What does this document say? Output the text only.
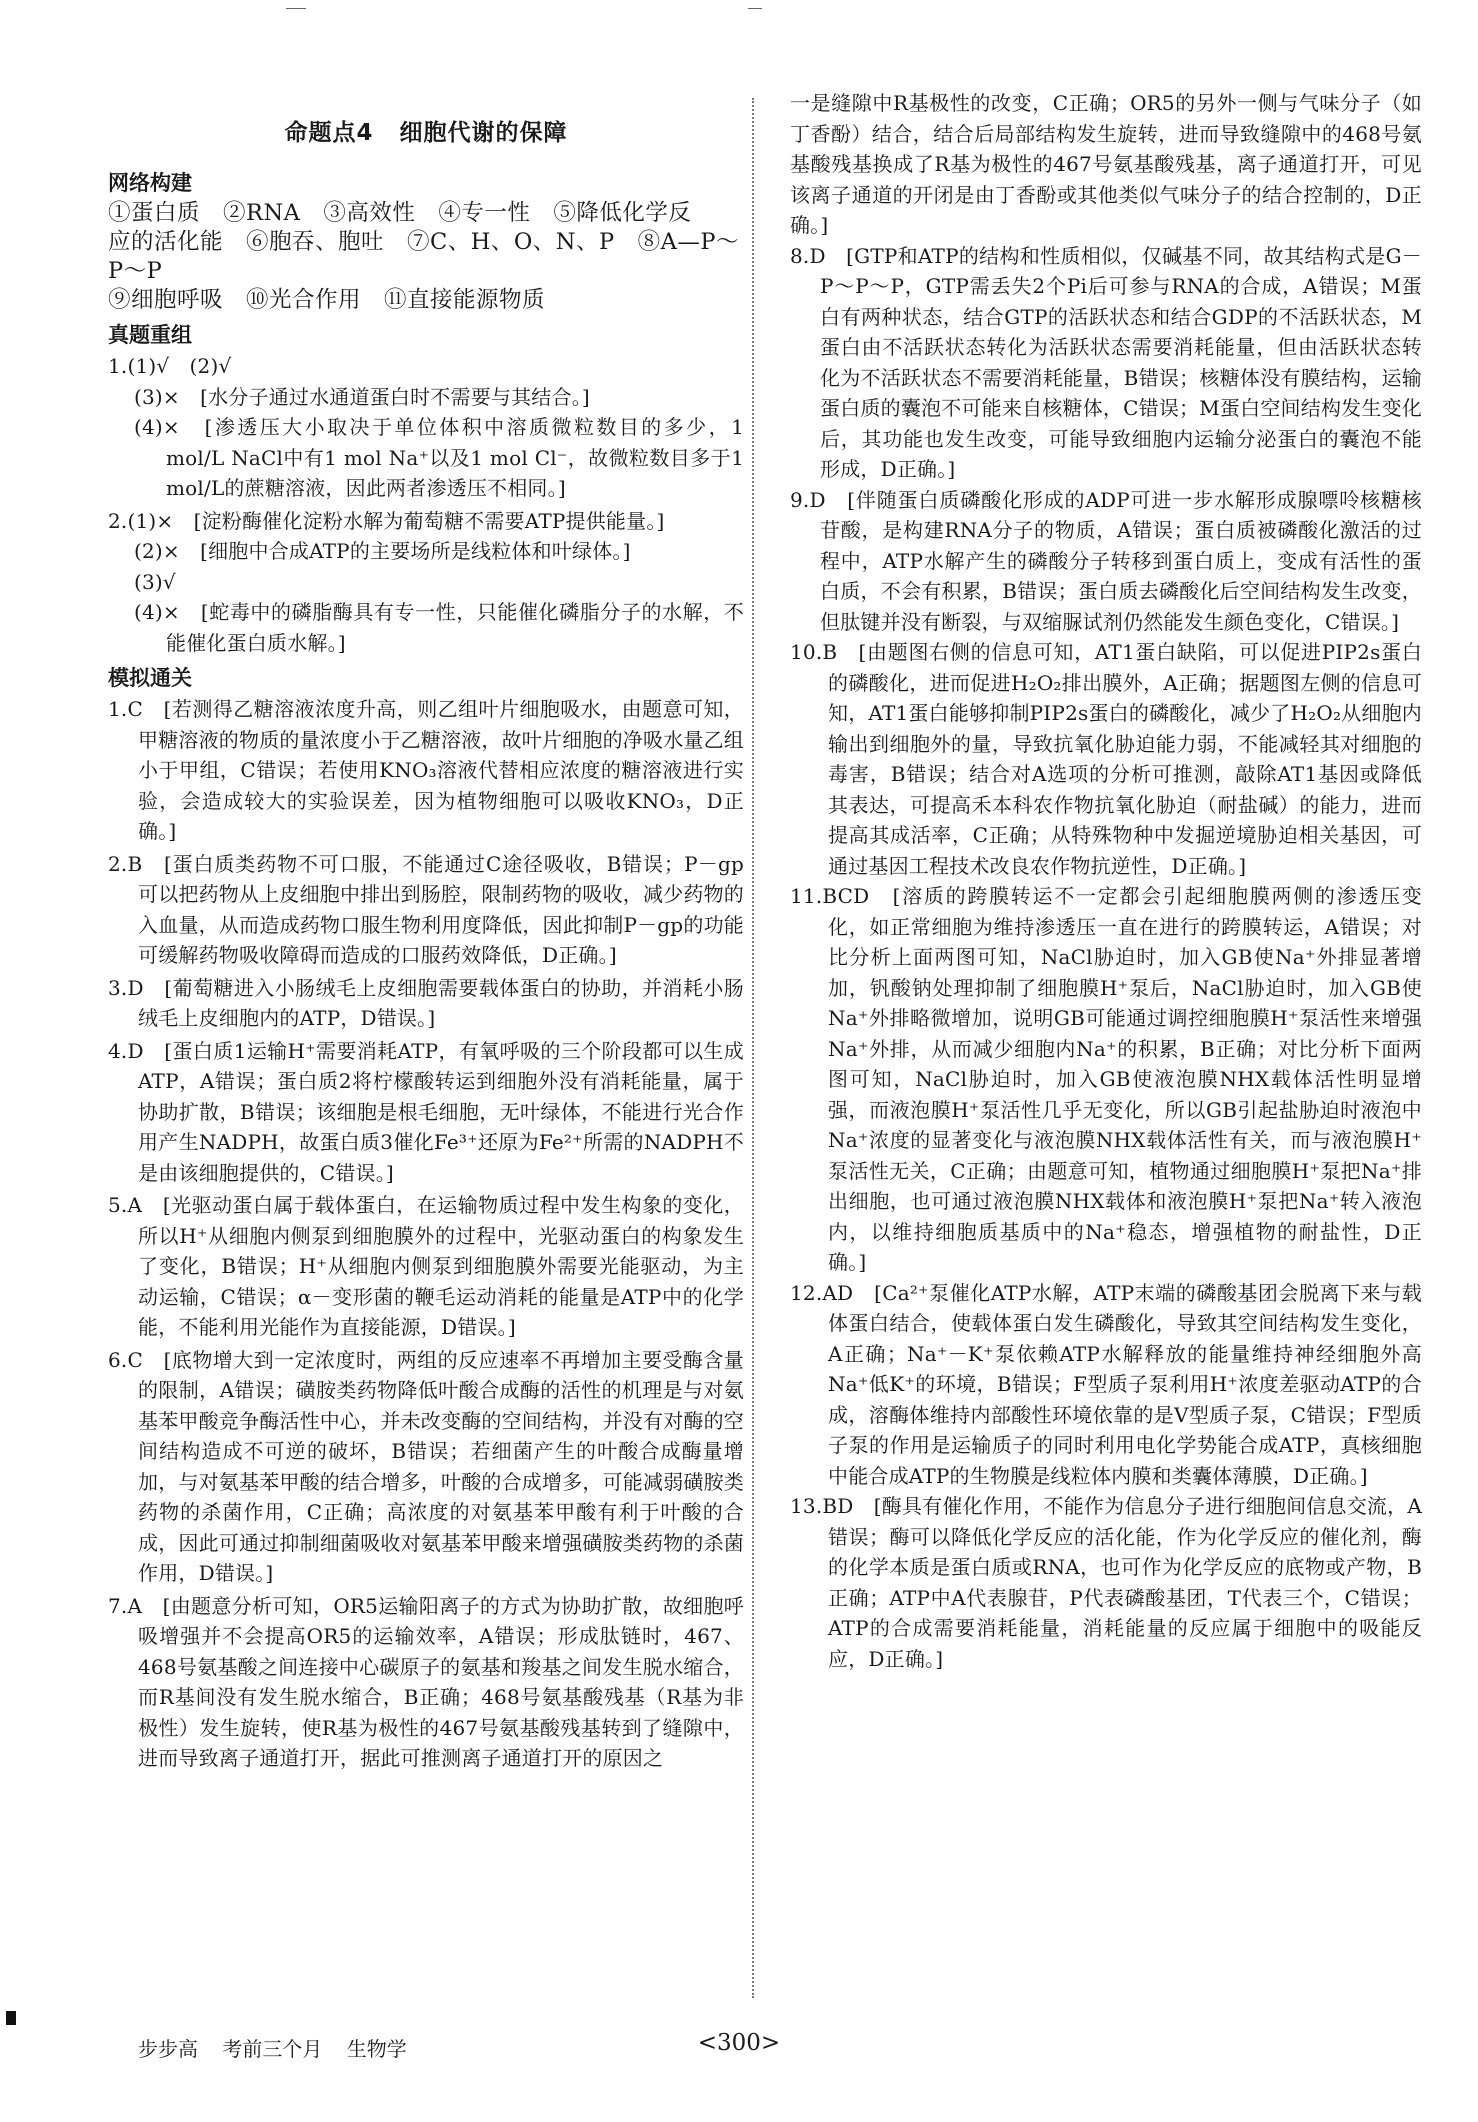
命题点4 细胞代谢的保障
网络构建
①蛋白质　②RNA　③高效性　④专一性　⑤降低化学反
应的活化能　⑥胞吞、胞吐　⑦C、H、O、N、P　⑧A—P～P～P
⑨细胞呼吸　⑩光合作用　⑪直接能源物质
真题重组
1.(1)√　(2)√
(3)×　[水分子通过水通道蛋白时不需要与其结合。]
(4)×　[渗透压大小取决于单位体积中溶质微粒数目的多少，1 mol/L NaCl中有1 mol Na⁺以及1 mol Cl⁻，故微粒数目多于1 mol/L的蔗糖溶液，因此两者渗透压不相同。]
2.(1)×　[淀粉酶催化淀粉水解为葡萄糖不需要ATP提供能量。]
(2)×　[细胞中合成ATP的主要场所是线粒体和叶绿体。]
(3)√
(4)×　[蛇毒中的磷脂酶具有专一性，只能催化磷脂分子的水解，不能催化蛋白质水解。]
模拟通关
1.C　[若测得乙糖溶液浓度升高，则乙组叶片细胞吸水，由题意可知，甲糖溶液的物质的量浓度小于乙糖溶液，故叶片细胞的净吸水量乙组小于甲组，C错误；若使用KNO₃溶液代替相应浓度的糖溶液进行实验，会造成较大的实验误差，因为植物细胞可以吸收KNO₃，D正确。]
2.B　[蛋白质类药物不可口服，不能通过C途径吸收，B错误；P－gp可以把药物从上皮细胞中排出到肠腔，限制药物的吸收，减少药物的入血量，从而造成药物口服生物利用度降低，因此抑制P－gp的功能可缓解药物吸收障碍而造成的口服药效降低，D正确。]
3.D　[葡萄糖进入小肠绒毛上皮细胞需要载体蛋白的协助，并消耗小肠绒毛上皮细胞内的ATP，D错误。]
4.D　[蛋白质1运输H⁺需要消耗ATP，有氧呼吸的三个阶段都可以生成ATP，A错误；蛋白质2将柠檬酸转运到细胞外没有消耗能量，属于协助扩散，B错误；该细胞是根毛细胞，无叶绿体，不能进行光合作用产生NADPH，故蛋白质3催化Fe³⁺还原为Fe²⁺所需的NADPH不是由该细胞提供的，C错误。]
5.A　[光驱动蛋白属于载体蛋白，在运输物质过程中发生构象的变化，所以H⁺从细胞内侧泵到细胞膜外的过程中，光驱动蛋白的构象发生了变化，B错误；H⁺从细胞内侧泵到细胞膜外需要光能驱动，为主动运输，C错误；α－变形菌的鞭毛运动消耗的能量是ATP中的化学能，不能利用光能作为直接能源，D错误。]
6.C　[底物增大到一定浓度时，两组的反应速率不再增加主要受酶含量的限制，A错误；磺胺类药物降低叶酸合成酶的活性的机理是与对氨基苯甲酸竞争酶活性中心，并未改变酶的空间结构，并没有对酶的空间结构造成不可逆的破坏，B错误；若细菌产生的叶酸合成酶量增加，与对氨基苯甲酸的结合增多，叶酸的合成增多，可能减弱磺胺类药物的杀菌作用，C正确；高浓度的对氨基苯甲酸有利于叶酸的合成，因此可通过抑制细菌吸收对氨基苯甲酸来增强磺胺类药物的杀菌作用，D错误。]
7.A　[由题意分析可知，OR5运输阳离子的方式为协助扩散，故细胞呼吸增强并不会提高OR5的运输效率，A错误；形成肽链时，467、468号氨基酸之间连接中心碳原子的氨基和羧基之间发生脱水缩合，而R基间没有发生脱水缩合，B正确；468号氨基酸残基（R基为非极性）发生旋转，使R基为极性的467号氨基酸残基转到了缝隙中，进而导致离子通道打开，据此可推测离子通道打开的原因之
一是缝隙中R基极性的改变，C正确；OR5的另外一侧与气味分子（如丁香酚）结合，结合后局部结构发生旋转，进而导致缝隙中的468号氨基酸残基换成了R基为极性的467号氨基酸残基，离子通道打开，可见该离子通道的开闭是由丁香酚或其他类似气味分子的结合控制的，D正确。]
8.D　[GTP和ATP的结构和性质相似，仅碱基不同，故其结构式是G－P～P～P，GTP需丢失2个Pi后可参与RNA的合成，A错误；M蛋白有两种状态，结合GTP的活跃状态和结合GDP的不活跃状态，M蛋白由不活跃状态转化为活跃状态需要消耗能量，但由活跃状态转化为不活跃状态不需要消耗能量，B错误；核糖体没有膜结构，运输蛋白质的囊泡不可能来自核糖体，C错误；M蛋白空间结构发生变化后，其功能也发生改变，可能导致细胞内运输分泌蛋白的囊泡不能形成，D正确。]
9.D　[伴随蛋白质磷酸化形成的ADP可进一步水解形成腺嘌呤核糖核苷酸，是构建RNA分子的物质，A错误；蛋白质被磷酸化激活的过程中，ATP水解产生的磷酸分子转移到蛋白质上，变成有活性的蛋白质，不会有积累，B错误；蛋白质去磷酸化后空间结构发生改变，但肽键并没有断裂，与双缩脲试剂仍然能发生颜色变化，C错误。]
10.B　[由题图右侧的信息可知，AT1蛋白缺陷，可以促进PIP2s蛋白的磷酸化，进而促进H₂O₂排出膜外，A正确；据题图左侧的信息可知，AT1蛋白能够抑制PIP2s蛋白的磷酸化，减少了H₂O₂从细胞内输出到细胞外的量，导致抗氧化胁迫能力弱，不能减轻其对细胞的毒害，B错误；结合对A选项的分析可推测，敲除AT1基因或降低其表达，可提高禾本科农作物抗氧化胁迫（耐盐碱）的能力，进而提高其成活率，C正确；从特殊物种中发掘逆境胁迫相关基因，可通过基因工程技术改良农作物抗逆性，D正确。]
11.BCD　[溶质的跨膜转运不一定都会引起细胞膜两侧的渗透压变化，如正常细胞为维持渗透压一直在进行的跨膜转运，A错误；对比分析上面两图可知，NaCl胁迫时，加入GB使Na⁺外排显著增加，钒酸钠处理抑制了细胞膜H⁺泵后，NaCl胁迫时，加入GB使Na⁺外排略微增加，说明GB可能通过调控细胞膜H⁺泵活性来增强Na⁺外排，从而减少细胞内Na⁺的积累，B正确；对比分析下面两图可知，NaCl胁迫时，加入GB使液泡膜NHX载体活性明显增强，而液泡膜H⁺泵活性几乎无变化，所以GB引起盐胁迫时液泡中Na⁺浓度的显著变化与液泡膜NHX载体活性有关，而与液泡膜H⁺泵活性无关，C正确；由题意可知，植物通过细胞膜H⁺泵把Na⁺排出细胞，也可通过液泡膜NHX载体和液泡膜H⁺泵把Na⁺转入液泡内，以维持细胞质基质中的Na⁺稳态，增强植物的耐盐性，D正确。]
12.AD　[Ca²⁺泵催化ATP水解，ATP末端的磷酸基团会脱离下来与载体蛋白结合，使载体蛋白发生磷酸化，导致其空间结构发生变化，A正确；Na⁺－K⁺泵依赖ATP水解释放的能量维持神经细胞外高Na⁺低K⁺的环境，B错误；F型质子泵利用H⁺浓度差驱动ATP的合成，溶酶体维持内部酸性环境依靠的是V型质子泵，C错误；F型质子泵的作用是运输质子的同时利用电化学势能合成ATP，真核细胞中能合成ATP的生物膜是线粒体内膜和类囊体薄膜，D正确。]
13.BD　[酶具有催化作用，不能作为信息分子进行细胞间信息交流，A错误；酶可以降低化学反应的活化能，作为化学反应的催化剂，酶的化学本质是蛋白质或RNA，也可作为化学反应的底物或产物，B正确；ATP中A代表腺苷，P代表磷酸基团，T代表三个，C错误；ATP的合成需要消耗能量，消耗能量的反应属于细胞中的吸能反应，D正确。]
步步高 考前三个月 生物学	<300>
